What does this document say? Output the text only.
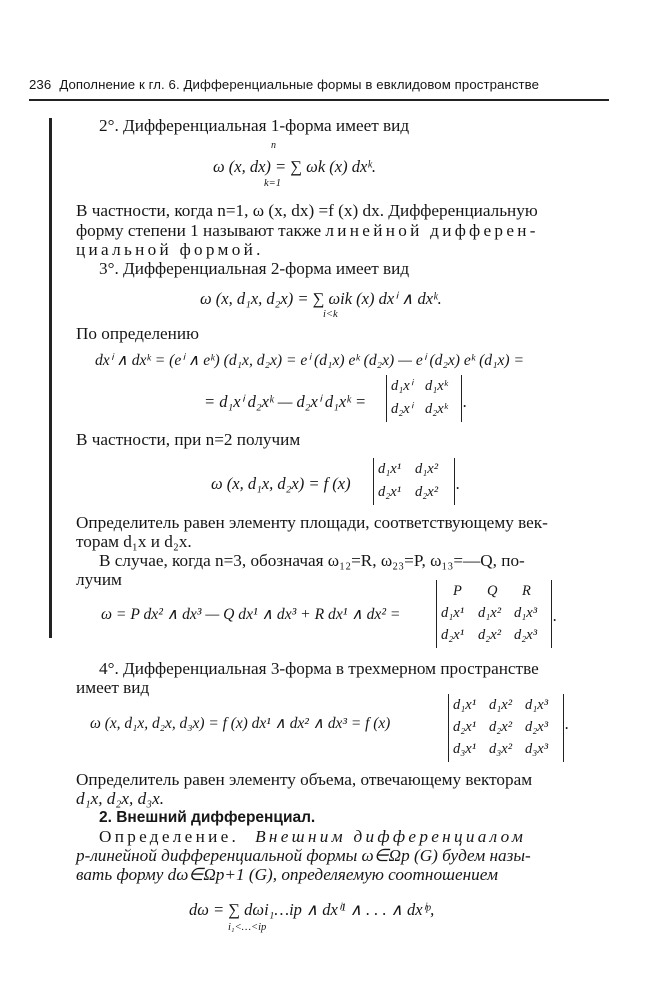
236 Дополнение к гл. 6. Дифференциальные формы в евклидовом пространстве
2°. Дифференциальная 1-форма имеет вид
n
ω (x, dx) = ∑ ωk (x) dxᵏ.
k=1
В частности, когда n=1, ω (x, dx) =f (x) dx. Дифференциальную
форму степени 1 называют также линейной дифферен-
циальной формой.
3°. Дифференциальная 2-форма имеет вид
ω (x, d₁x, d₂x) = ∑ ωik (x) dxⁱ ∧ dxᵏ.
i<k
По определению
dxⁱ ∧ dxᵏ = (eⁱ ∧ eᵏ) (d₁x, d₂x) = eⁱ (d₁x) eᵏ (d₂x) — eⁱ (d₂x) eᵏ (d₁x) =
= d₁xⁱ d₂xᵏ — d₂xⁱ d₁xᵏ =
d₁xⁱ d₁xᵏ
d₂xⁱ d₂xᵏ .
В частности, при n=2 получим
ω (x, d₁x, d₂x) = f (x)
d₁x¹ d₁x²
d₂x¹ d₂x² .
Определитель равен элементу площади, соответствующему век-
торам d₁x и d₂x.
В случае, когда n=3, обозначая ω₁₂=R, ω₂₃=P, ω₁₃=—Q, по-
лучим
ω = P dx² ∧ dx³ — Q dx¹ ∧ dx³ + R dx¹ ∧ dx² =
P Q R
d₁x¹ d₁x² d₁x³
d₂x¹ d₂x² d₂x³
.
4°. Дифференциальная 3-форма в трехмерном пространстве
имеет вид
ω (x, d₁x, d₂x, d₃x) = f (x) dx¹ ∧ dx² ∧ dx³ = f (x)
d₁x¹ d₁x² d₁x³
d₂x¹ d₂x² d₂x³
d₃x¹ d₃x² d₃x³
.
Определитель равен элементу объема, отвечающему векторам
d₁x, d₂x, d₃x.
2. Внешний дифференциал.
Определение. Внешним дифференциалом
p-линейной дифференциальной формы ω∈Ωp (G) будем назы-
вать форму dω∈Ωp+1 (G), определяемую соотношением
dω = ∑ dωi₁…ip ∧ dxⁱ¹ ∧ . . . ∧ dxⁱᵖ,
i₁<…<ip
